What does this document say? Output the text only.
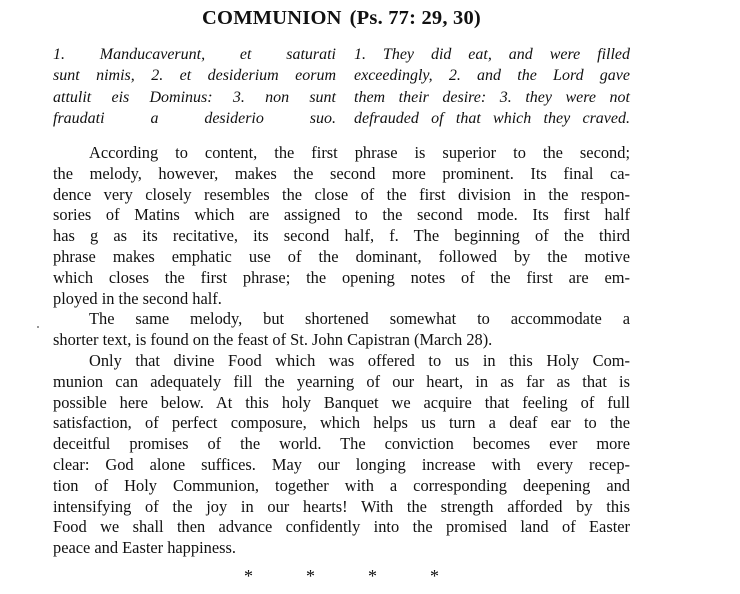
COMMUNION (Ps. 77: 29, 30)
1. Manducaverunt, et saturati
sunt nimis, 2. et desiderium eorum
attulit eis Dominus: 3. non sunt
fraudati a desiderio suo.
1. They did eat, and were filled
exceedingly, 2. and the Lord gave
them their desire: 3. they were not
defrauded of that which they craved.
According to content, the first phrase is superior to the second;
the melody, however, makes the second more prominent. Its final ca-
dence very closely resembles the close of the first division in the respon-
sories of Matins which are assigned to the second mode. Its first half
has g as its recitative, its second half, f. The beginning of the third
phrase makes emphatic use of the dominant, followed by the motive
which closes the first phrase; the opening notes of the first are em-
ployed in the second half.
The same melody, but shortened somewhat to accommodate a
shorter text, is found on the feast of St. John Capistran (March 28).
Only that divine Food which was offered to us in this Holy Com-
munion can adequately fill the yearning of our heart, in as far as that is
possible here below. At this holy Banquet we acquire that feeling of full
satisfaction, of perfect composure, which helps us turn a deaf ear to the
deceitful promises of the world. The conviction becomes ever more
clear: God alone suffices. May our longing increase with every recep-
tion of Holy Communion, together with a corresponding deepening and
intensifying of the joy in our hearts! With the strength afforded by this
Food we shall then advance confidently into the promised land of Easter
peace and Easter happiness.
*	*	*	*
